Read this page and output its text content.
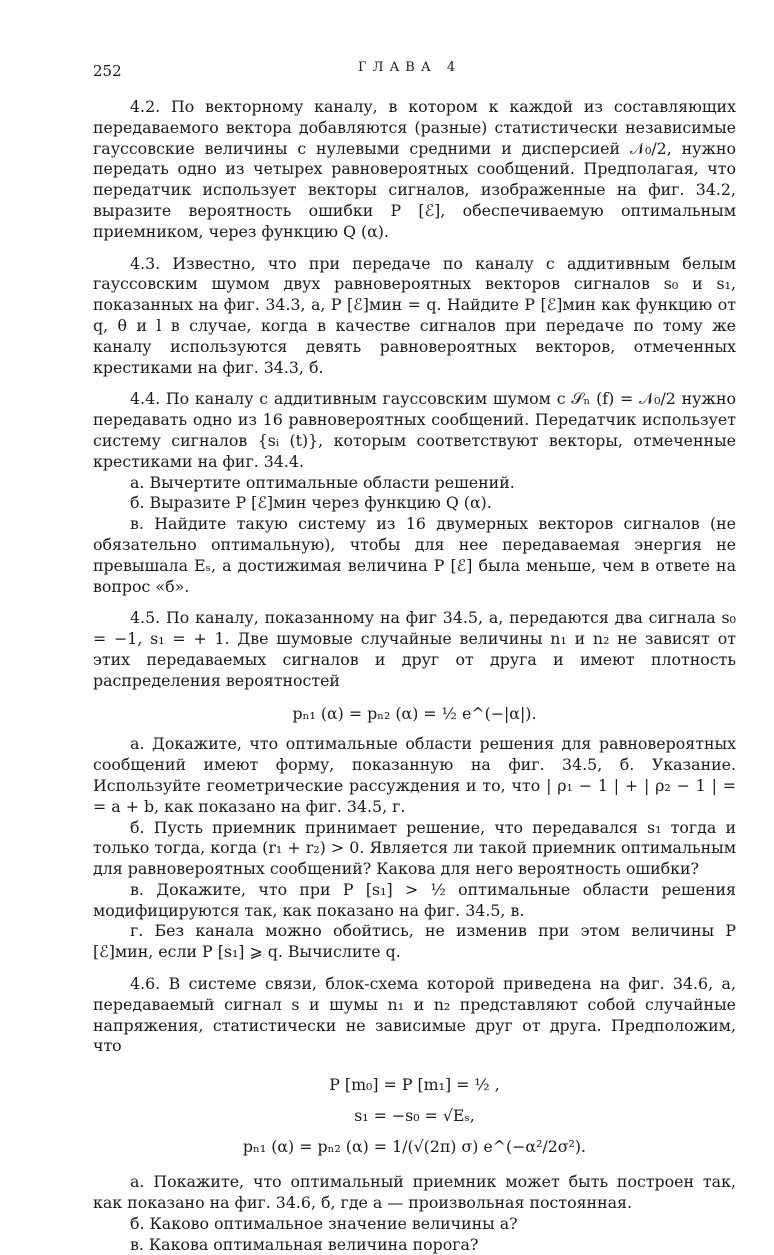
252	ГЛАВА 4

4.2. По векторному каналу, в котором к каждой из составляющих передаваемого вектора добавляются (разные) статистически независимые гауссовские величины с нулевыми средними и дисперсией 𝒩₀/2, нужно передать одно из четырех равновероятных сообщений. Предполагая, что передатчик использует векторы сигналов, изображенные на фиг. 34.2, выразите вероятность ошибки P [ℰ], обеспечиваемую оптимальным приемником, через функцию Q (α).

4.3. Известно, что при передаче по каналу с аддитивным белым гауссовским шумом двух равновероятных векторов сигналов s₀ и s₁, показанных на фиг. 34.3, а, P [ℰ]мин = q. Найдите P [ℰ]мин как функцию от q, θ и l в случае, когда в качестве сигналов при передаче по тому же каналу используются девять равновероятных векторов, отмеченных крестиками на фиг. 34.3, б.

4.4. По каналу с аддитивным гауссовским шумом с 𝒮ₙ (f) = 𝒩₀/2 нужно передавать одно из 16 равновероятных сообщений. Передатчик использует систему сигналов {sᵢ (t)}, которым соответствуют векторы, отмеченные крестиками на фиг. 34.4.

а. Вычертите оптимальные области решений.

б. Выразите P [ℰ]мин через функцию Q (α).

в. Найдите такую систему из 16 двумерных векторов сигналов (не обязательно оптимальную), чтобы для нее передаваемая энергия не превышала Eₛ, а достижимая величина P [ℰ] была меньше, чем в ответе на вопрос «б».

4.5. По каналу, показанному на фиг 34.5, а, передаются два сигнала s₀ = −1, s₁ = + 1. Две шумовые случайные величины n₁ и n₂ не зависят от этих передаваемых сигналов и друг от друга и имеют плотность распределения вероятностей

pₙ₁ (α) = pₙ₂ (α) = ½ e^(−|α|).

а. Докажите, что оптимальные области решения для равновероятных сообщений имеют форму, показанную на фиг. 34.5, б. Указание. Используйте геометрические рассуждения и то, что | ρ₁ − 1 | + | ρ₂ − 1 | = = a + b, как показано на фиг. 34.5, г.

б. Пусть приемник принимает решение, что передавался s₁ тогда и только тогда, когда (r₁ + r₂) > 0. Является ли такой приемник оптимальным для равновероятных сообщений? Какова для него вероятность ошибки?

в. Докажите, что при P [s₁] > ½ оптимальные области решения модифицируются так, как показано на фиг. 34.5, в.

г. Без канала можно обойтись, не изменив при этом величины P [ℰ]мин, если P [s₁] ⩾ q. Вычислите q.

4.6. В системе связи, блок-схема которой приведена на фиг. 34.6, а, передаваемый сигнал s и шумы n₁ и n₂ представляют собой случайные напряжения, статистически не зависимые друг от друга. Предположим, что

P [m₀] = P [m₁] = ½ ,
s₁ = −s₀ = √Eₛ,
pₙ₁ (α) = pₙ₂ (α) = 1/(√(2π) σ) e^(−α²/2σ²).

а. Покажите, что оптимальный приемник может быть построен так, как показано на фиг. 34.6, б, где a — произвольная постоянная.

б. Каково оптимальное значение величины a?

в. Какова оптимальная величина порога?
